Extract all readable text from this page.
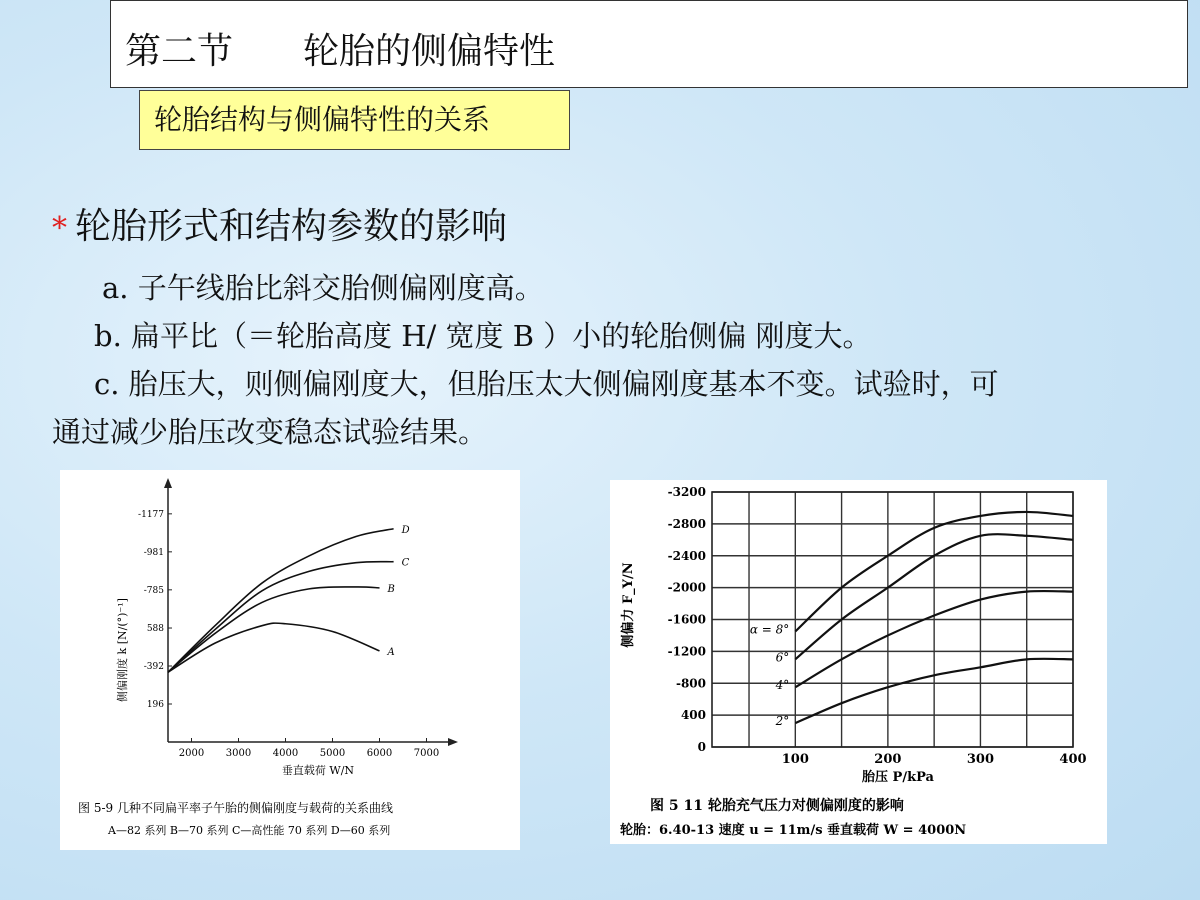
第二节 轮胎的侧偏特性
轮胎结构与侧偏特性的关系
* 轮胎形式和结构参数的影响
a. 子午线胎比斜交胎侧偏刚度高。
b. 扁平比（＝轮胎高度 H/ 宽度 B ）小的轮胎侧偏 刚度大。
c. 胎压大，则侧偏刚度大，但胎压太大侧偏刚度基本不变。试验时，可
通过减少胎压改变稳态试验结果。
侧偏刚度 k [N/(°)⁻¹]
垂直载荷 W/N
图 5-9 几种不同扁平率子午胎的侧偏刚度与载荷的关系曲线
A—82 系列 B—70 系列 C—高性能 70 系列 D—60 系列
2000 3000 4000 5000 6000 7000
196
-392
588
-785
-981
-1177
A
B
C
D
侧偏力 F_Y/N
胎压 P/kPa
图 5 11 轮胎充气压力对侧偏刚度的影响
轮胎：6.40-13 速度 u = 11m/s 垂直载荷 W = 4000N
100	200	300	400
0
400
-800
-1200
-1600
-2000
-2400
-2800
-3200
α = 8°
6°
4°
2°
